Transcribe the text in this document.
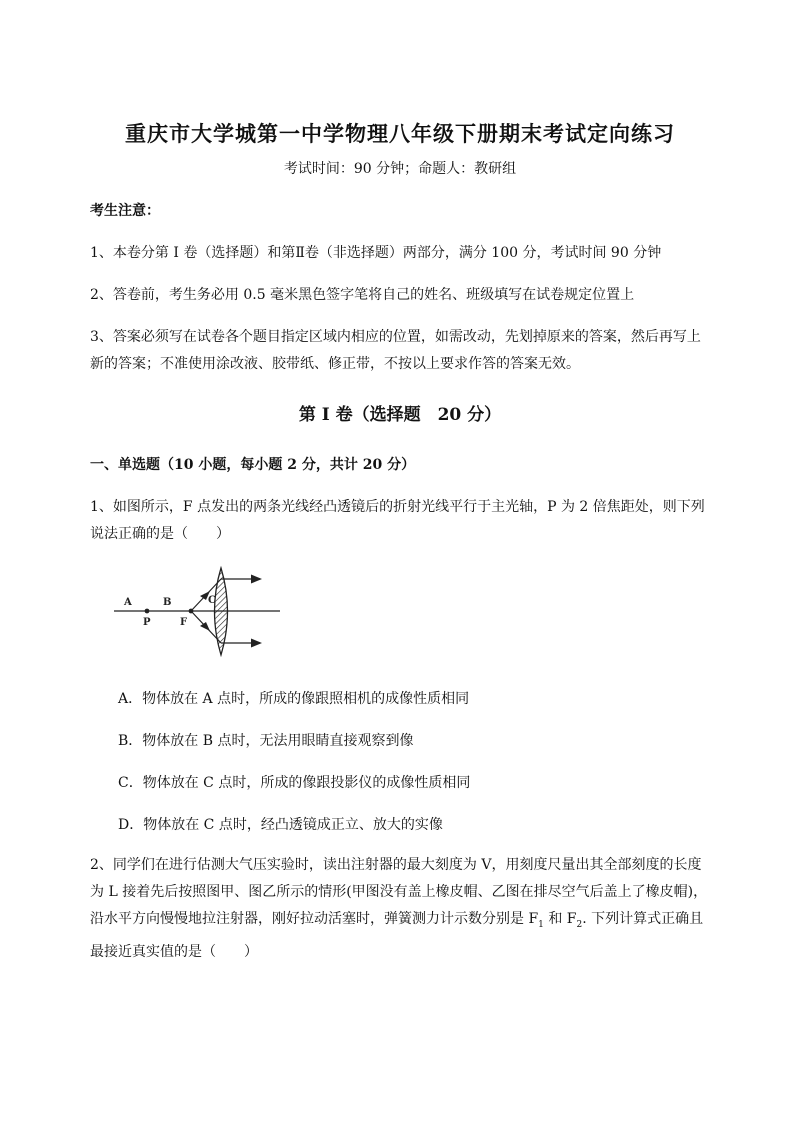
重庆市大学城第一中学物理八年级下册期末考试定向练习
考试时间：90 分钟；命题人：教研组
考生注意：
1、本卷分第 I 卷（选择题）和第Ⅱ卷（非选择题）两部分，满分 100 分，考试时间 90 分钟
2、答卷前，考生务必用 0.5 毫米黑色签字笔将自己的姓名、班级填写在试卷规定位置上
3、答案必须写在试卷各个题目指定区域内相应的位置，如需改动，先划掉原来的答案，然后再写上新的答案；不准使用涂改液、胶带纸、修正带，不按以上要求作答的答案无效。
第 I 卷（选择题　20 分）
一、单选题（10 小题，每小题 2 分，共计 20 分）
1、如图所示，F 点发出的两条光线经凸透镜后的折射光线平行于主光轴，P 为 2 倍焦距处，则下列说法正确的是（　　）
A	B	C
P	F
A．物体放在 A 点时，所成的像跟照相机的成像性质相同
B．物体放在 B 点时，无法用眼睛直接观察到像
C．物体放在 C 点时，所成的像跟投影仪的成像性质相同
D．物体放在 C 点时，经凸透镜成正立、放大的实像
2、同学们在进行估测大气压实验时，读出注射器的最大刻度为 V，用刻度尺量出其全部刻度的长度为 L 接着先后按照图甲、图乙所示的情形(甲图没有盖上橡皮帽、乙图在排尽空气后盖上了橡皮帽)，沿水平方向慢慢地拉注射器，刚好拉动活塞时，弹簧测力计示数分别是 $F_1$ 和 $F_2$. 下列计算式正确且最接近真实值的是（　　）
